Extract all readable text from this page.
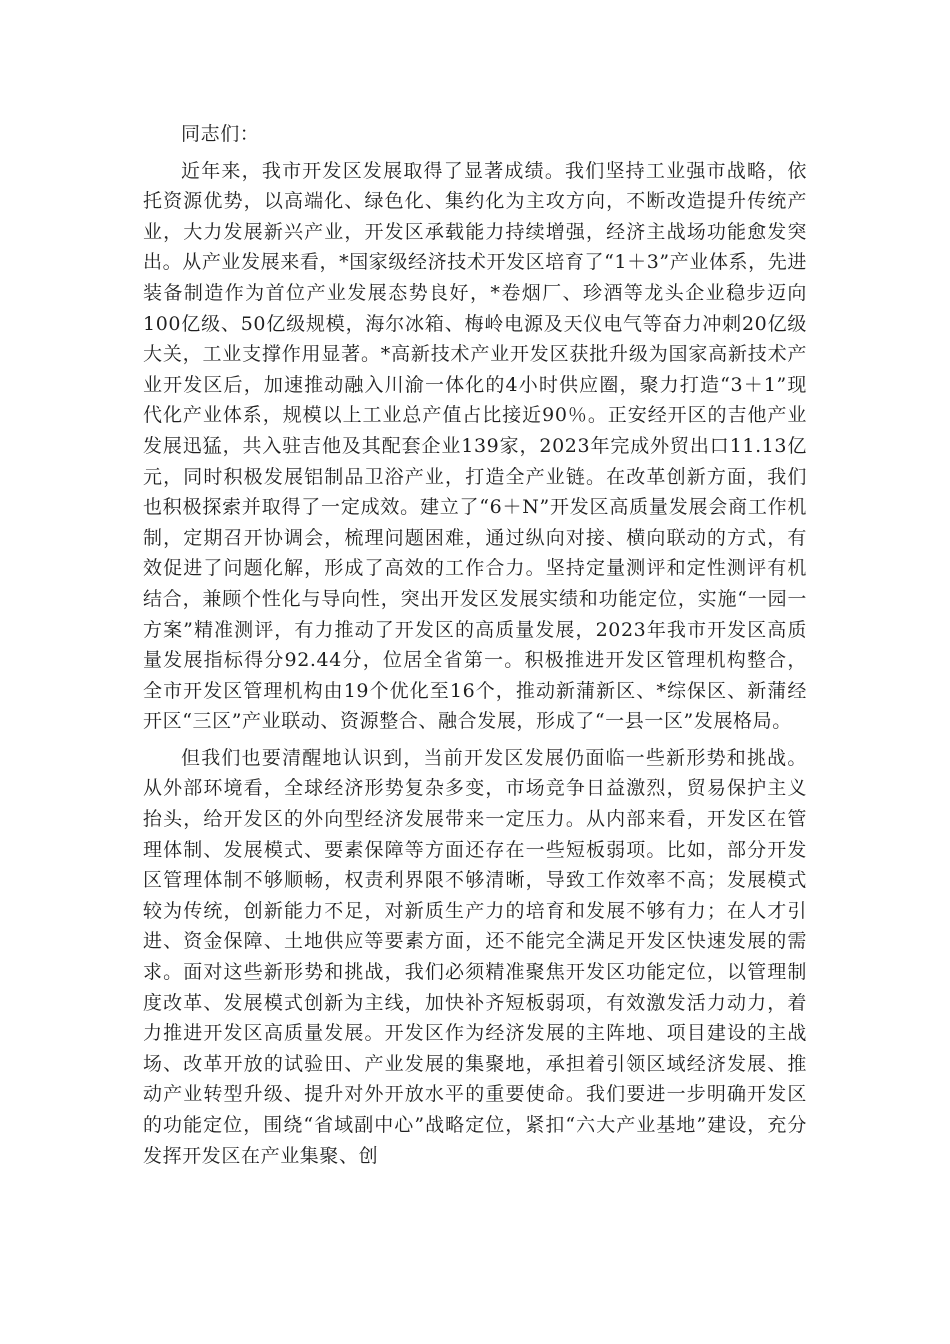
同志们：

近年来，我市开发区发展取得了显著成绩。我们坚持工业强市战略，依托资源优势，以高端化、绿色化、集约化为主攻方向，不断改造提升传统产业，大力发展新兴产业，开发区承载能力持续增强，经济主战场功能愈发突出。从产业发展来看，*国家级经济技术开发区培育了“1＋3”产业体系，先进装备制造作为首位产业发展态势良好，*卷烟厂、珍酒等龙头企业稳步迈向100亿级、50亿级规模，海尔冰箱、梅岭电源及天仪电气等奋力冲刺20亿级大关，工业支撑作用显著。*高新技术产业开发区获批升级为国家高新技术产业开发区后，加速推动融入川渝一体化的4小时供应圈，聚力打造“3＋1”现代化产业体系，规模以上工业总产值占比接近90％。正安经开区的吉他产业发展迅猛，共入驻吉他及其配套企业139家，2023年完成外贸出口11.13亿元，同时积极发展铝制品卫浴产业，打造全产业链。在改革创新方面，我们也积极探索并取得了一定成效。建立了“6＋N”开发区高质量发展会商工作机制，定期召开协调会，梳理问题困难，通过纵向对接、横向联动的方式，有效促进了问题化解，形成了高效的工作合力。坚持定量测评和定性测评有机结合，兼顾个性化与导向性，突出开发区发展实绩和功能定位，实施“一园一方案”精准测评，有力推动了开发区的高质量发展，2023年我市开发区高质量发展指标得分92.44分，位居全省第一。积极推进开发区管理机构整合，全市开发区管理机构由19个优化至16个，推动新蒲新区、*综保区、新蒲经开区“三区”产业联动、资源整合、融合发展，形成了“一县一区”发展格局。

但我们也要清醒地认识到，当前开发区发展仍面临一些新形势和挑战。从外部环境看，全球经济形势复杂多变，市场竞争日益激烈，贸易保护主义抬头，给开发区的外向型经济发展带来一定压力。从内部来看，开发区在管理体制、发展模式、要素保障等方面还存在一些短板弱项。比如，部分开发区管理体制不够顺畅，权责利界限不够清晰，导致工作效率不高；发展模式较为传统，创新能力不足，对新质生产力的培育和发展不够有力；在人才引进、资金保障、土地供应等要素方面，还不能完全满足开发区快速发展的需求。面对这些新形势和挑战，我们必须精准聚焦开发区功能定位，以管理制度改革、发展模式创新为主线，加快补齐短板弱项，有效激发活力动力，着力推进开发区高质量发展。开发区作为经济发展的主阵地、项目建设的主战场、改革开放的试验田、产业发展的集聚地，承担着引领区域经济发展、推动产业转型升级、提升对外开放水平的重要使命。我们要进一步明确开发区的功能定位，围绕“省域副中心”战略定位，紧扣“六大产业基地”建设，充分发挥开发区在产业集聚、创
